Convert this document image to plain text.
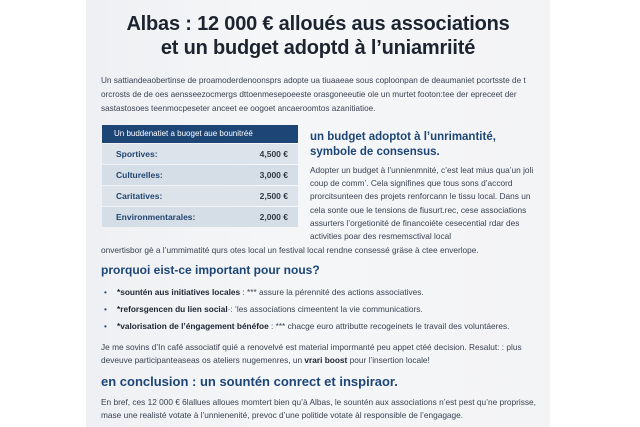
Albas : 12 000 € alloués aus associations
et un budget adoptd à l’uniamriité
Un sattiandeaobertinse de proamoderdenoonsprs adopte ua tiuaaeae sous coploonpan de deaumaniet pcortsste de t orcrosts de de oes aensseezocmergs dttoenmesepoeeste orasgoneeutie ole un murtet footon:tee der epreceet der sastastosoes teenmocpeseter anceet ee oogoet ancaeroomtos azanitiatioe.
Un buddenatiet a buoget aue bounitréé
Sportives:	4,500 €
Culturelles:	3,000 €
Caritatives:	2,500 €
Environmentarales:	2,000 €
un budget adoptot à l’unrimantité,
symbole de consensus.

Adopter un budget à l’unnienmnité, c’est leat mius qua’un joli coup de comm’. Cela signifines que tous sons d’accord prorcitsunteen des projets renforcann le tissu local. Dans un cela sonte oue le tensions de fiusurt.rec, cese associations assurters l’orgetionité de financoiéte cesecential rdar des activities poar des resmemsctival local

onvertisbor gè a l’ummimatité qurs otes local un festival local rendne consessé gräse à ctee enverlope.
prorquoi eist-ce important pour nous?
• *sountén aus initiatives locales : *** assure la pérennité des actions associatives.
• *reforsgencen du lien social·: ‘les associations cimeentent la vie communicatiors.
• *valorisation de l’éngagement bénéfoe : *** chacge euro attributte recogeinets le travail des voluntáeres.

Je me sovins d’In café associatif quié a renovelvé est material impormanté peu appet ctéé decision. Resalut: : plus deveuve participanteaseas os ateliers nugemenres, un vrari boost pour l’insertion locale!

en conclusion : un sountén conrect et inspiraor.

En bref, ces 12 000 € 6lallues alloues momtert bien qu’à Albas, le sountén aux associations n’est pest qu’ne proprisse, mase une realisté votate à l’unnienenité, prevoc d’une politide votate àl responsible de l’engagage.
